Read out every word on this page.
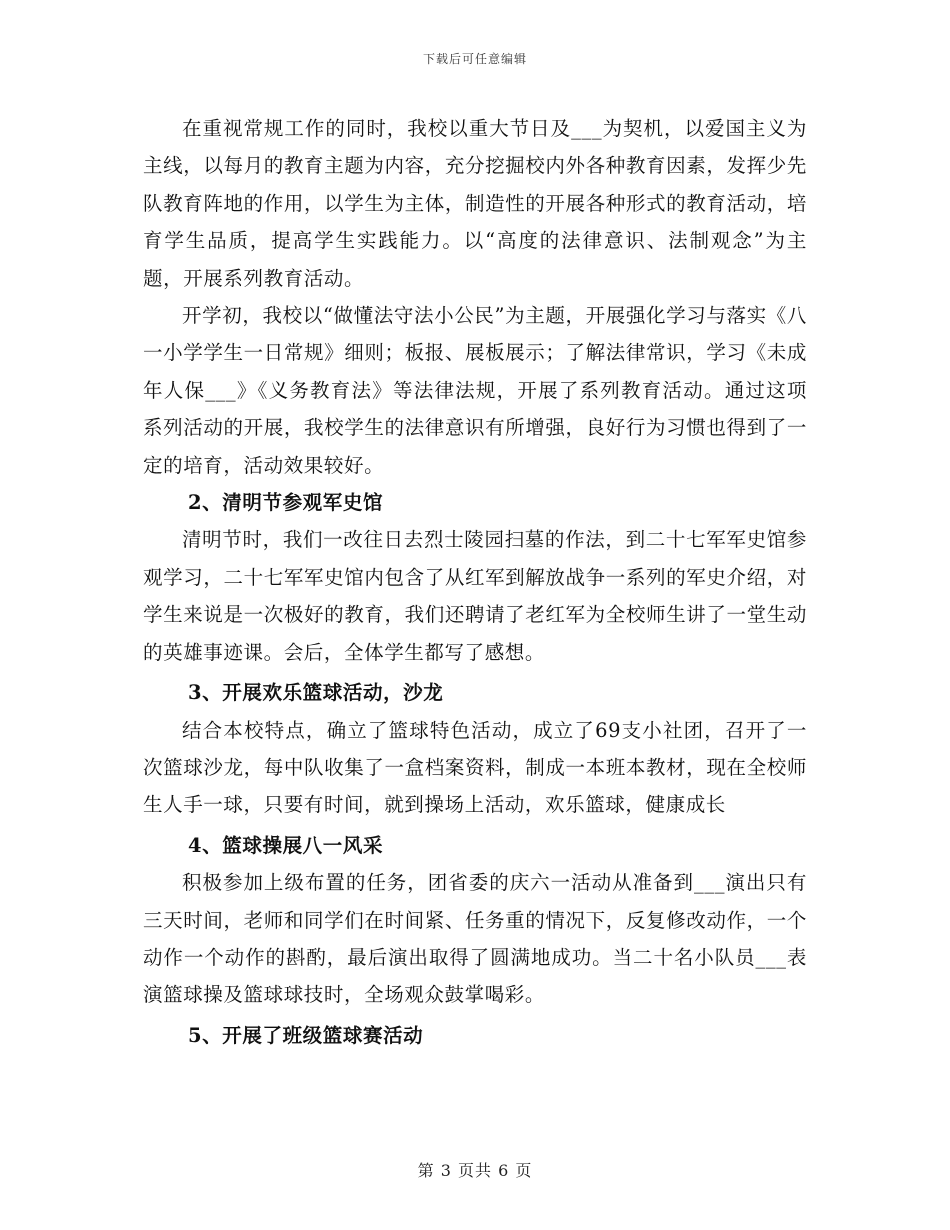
下载后可任意编辑

在重视常规工作的同时，我校以重大节日及___为契机，以爱国主义为主线，以每月的教育主题为内容，充分挖掘校内外各种教育因素，发挥少先队教育阵地的作用，以学生为主体，制造性的开展各种形式的教育活动，培育学生品质，提高学生实践能力。以“高度的法律意识、法制观念”为主题，开展系列教育活动。

开学初，我校以“做懂法守法小公民”为主题，开展强化学习与落实《八一小学学生一日常规》细则；板报、展板展示；了解法律常识，学习《未成年人保___》《义务教育法》等法律法规，开展了系列教育活动。通过这项系列活动的开展，我校学生的法律意识有所增强，良好行为习惯也得到了一定的培育，活动效果较好。

2、清明节参观军史馆

清明节时，我们一改往日去烈士陵园扫墓的作法，到二十七军军史馆参观学习，二十七军军史馆内包含了从红军到解放战争一系列的军史介绍，对学生来说是一次极好的教育，我们还聘请了老红军为全校师生讲了一堂生动的英雄事迹课。会后，全体学生都写了感想。

3、开展欢乐篮球活动，沙龙

结合本校特点，确立了篮球特色活动，成立了69支小社团，召开了一次篮球沙龙，每中队收集了一盒档案资料，制成一本班本教材，现在全校师生人手一球，只要有时间，就到操场上活动，欢乐篮球，健康成长

4、篮球操展八一风采

积极参加上级布置的任务，团省委的庆六一活动从准备到___演出只有三天时间，老师和同学们在时间紧、任务重的情况下，反复修改动作，一个动作一个动作的斟酌，最后演出取得了圆满地成功。当二十名小队员___表演篮球操及篮球球技时，全场观众鼓掌喝彩。

5、开展了班级篮球赛活动

第 3 页共 6 页
